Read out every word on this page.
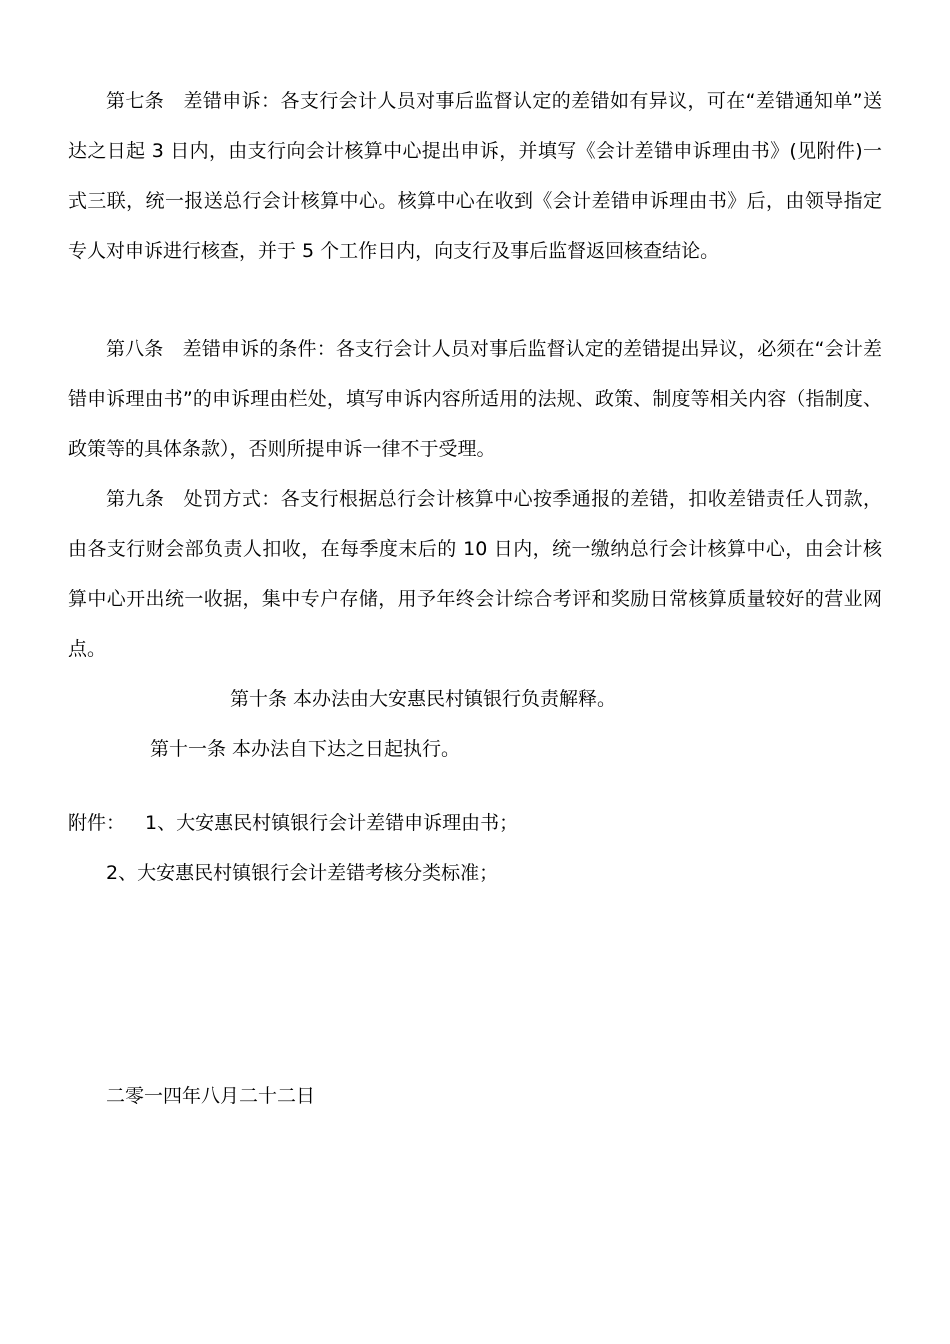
第七条　差错申诉：各支行会计人员对事后监督认定的差错如有异议，可在“差错通知单”送达之日起 3 日内，由支行向会计核算中心提出申诉，并填写《会计差错申诉理由书》(见附件)一式三联，统一报送总行会计核算中心。核算中心在收到《会计差错申诉理由书》后，由领导指定专人对申诉进行核查，并于 5 个工作日内，向支行及事后监督返回核查结论。

第八条　差错申诉的条件：各支行会计人员对事后监督认定的差错提出异议，必须在“会计差错申诉理由书”的申诉理由栏处，填写申诉内容所适用的法规、政策、制度等相关内容（指制度、政策等的具体条款），否则所提申诉一律不于受理。

第九条　处罚方式：各支行根据总行会计核算中心按季通报的差错，扣收差错责任人罚款，由各支行财会部负责人扣收，在每季度末后的 10 日内，统一缴纳总行会计核算中心，由会计核算中心开出统一收据，集中专户存储，用予年终会计综合考评和奖励日常核算质量较好的营业网点。

第十条 本办法由大安惠民村镇银行负责解释。

第十一条 本办法自下达之日起执行。

附件： 1、大安惠民村镇银行会计差错申诉理由书；

2、大安惠民村镇银行会计差错考核分类标准；

二零一四年八月二十二日
